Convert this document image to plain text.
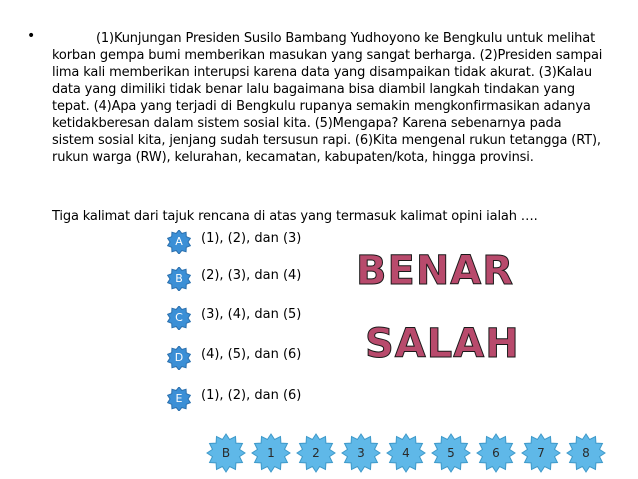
•	(1)Kunjungan Presiden Susilo Bambang Yudhoyono ke Bengkulu untuk melihat korban gempa bumi memberikan masukan yang sangat berharga. (2)Presiden sampai lima kali memberikan interupsi karena data yang disampaikan tidak akurat. (3)Kalau data yang dimiliki tidak benar lalu bagaimana bisa diambil langkah tindakan yang tepat. (4)Apa yang terjadi di Bengkulu rupanya semakin mengkonfirmasikan adanya ketidakberesan dalam sistem sosial kita. (5)Mengapa? Karena sebenarnya pada sistem sosial kita, jenjang sudah tersusun rapi. (6)Kita mengenal rukun tetangga (RT), rukun warga (RW), kelurahan, kecamatan, kabupaten/kota, hingga provinsi.

Tiga kalimat dari tajuk rencana di atas yang termasuk kalimat opini ialah ….
A	(1), (2), dan (3)
B	(2), (3), dan (4)
C	(3), (4), dan (5)
D	(4), (5), dan (6)
E	(1), (2), dan (6)
BENAR
SALAH
B	1	2	3	4	5	6	7	8
